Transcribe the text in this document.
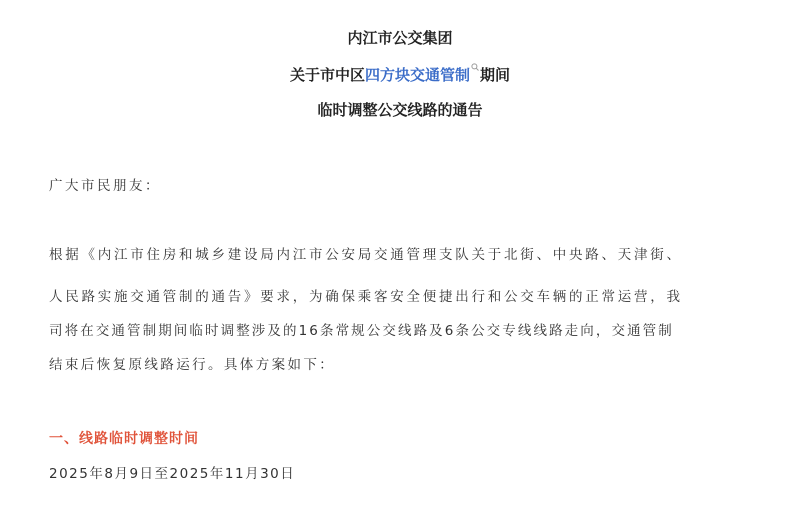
内江市公交集团
关于市中区四方块交通管制 期间
临时调整公交线路的通告
广大市民朋友：
根据《内江市住房和城乡建设局内江市公安局交通管理支队关于北街、中央路、天津街、
人民路实施交通管制的通告》要求，为确保乘客安全便捷出行和公交车辆的正常运营，我
司将在交通管制期间临时调整涉及的16条常规公交线路及6条公交专线线路走向，交通管制
结束后恢复原线路运行。具体方案如下：
一、线路临时调整时间
2025年8月9日至2025年11月30日
